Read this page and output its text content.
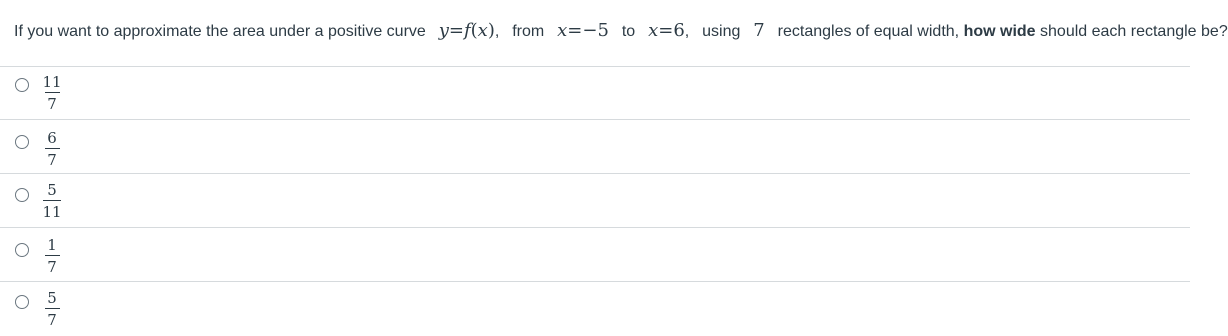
If you want to approximate the area under a positive curve y=f(x), from x=−5 to x=6, using 7 rectangles of equal width, how wide should each rectangle be?
11
7
6
7
5
11
1
7
5
7
